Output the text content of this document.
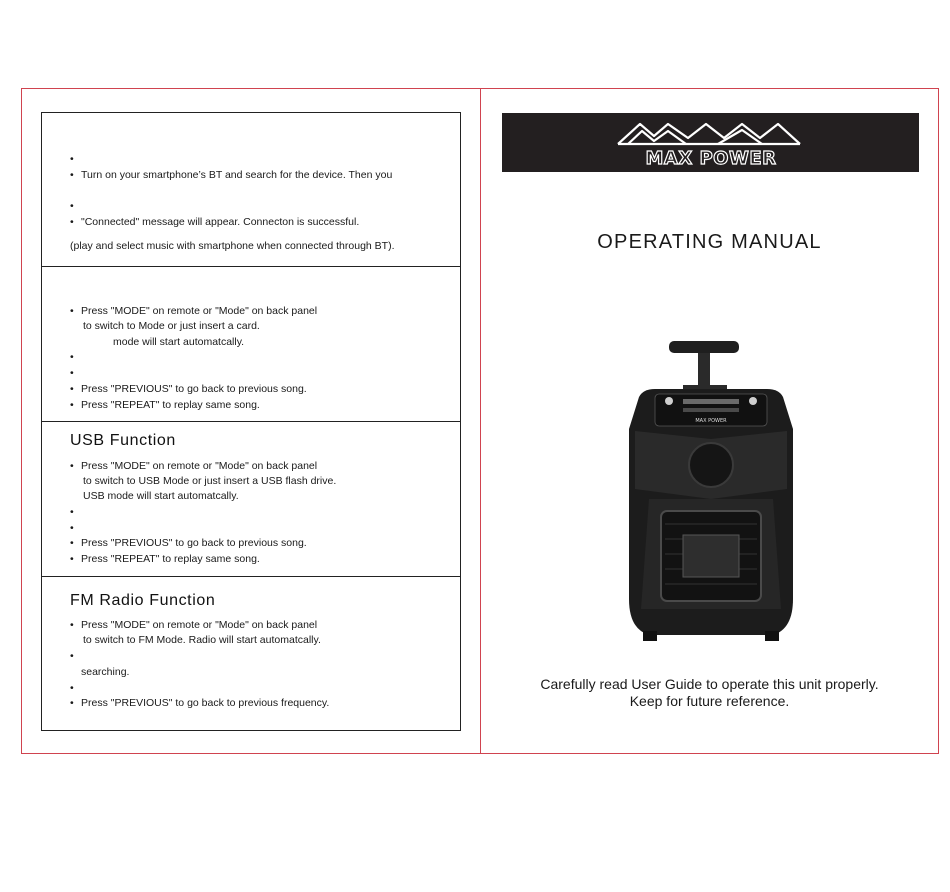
•
• Turn on your smartphone’s BT and search for the device. Then you
•
• "Connected" message will appear. Connecton is successful.
(play and select music with smartphone when connected through BT).
• Press "MODE" on remote or "Mode" on back panel
to switch to Mode or just insert a card.
mode will start automatcally.
•
•
• Press "PREVIOUS" to go back to previous song.
• Press "REPEAT" to replay same song.
USB Function
• Press "MODE" on remote or "Mode" on back panel
to switch to USB Mode or just insert a USB flash drive.
USB mode will start automatcally.
•
•
• Press "PREVIOUS" to go back to previous song.
• Press "REPEAT" to replay same song.
FM Radio Function
• Press "MODE" on remote or "Mode" on back panel
to switch to FM Mode. Radio will start automatcally.
•
searching.
•
• Press "PREVIOUS" to go back to previous frequency.
MAX POWER
OPERATING MANUAL
MAX POWER
Carefully read User Guide to operate this unit properly.
Keep for future reference.
